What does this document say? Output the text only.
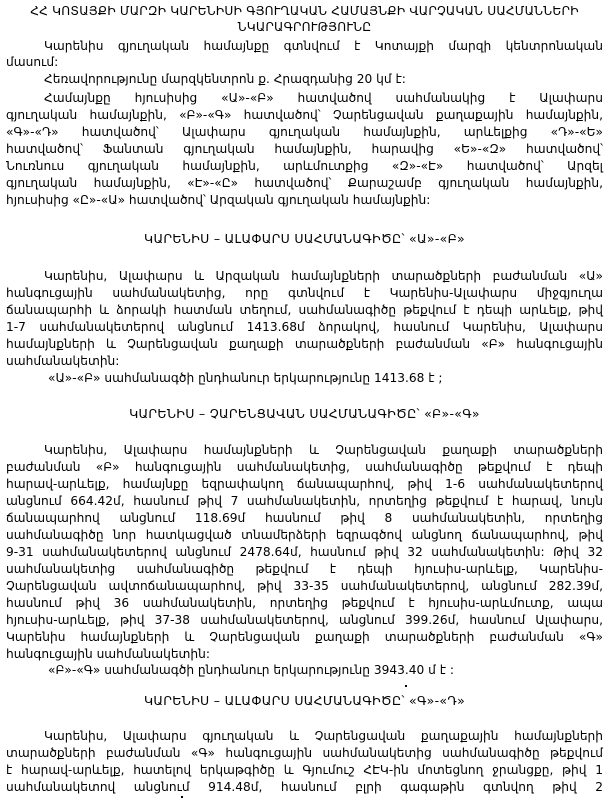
ՀՀ ԿՈՏԱՅՔԻ ՄԱՐԶԻ ԿԱՐԵՆԻՍԻ ԳՅՈՒՂԱԿԱՆ ՀԱՄԱՅՆՔԻ ՎԱՐՉԱԿԱՆ ՍԱՀՄԱՆՆԵՐԻ
ՆԿԱՐԱԳՐՈՒԹՅՈՒՆԸ
Կարենիս գյուղական համայնքը գտնվում է Կոտայքի մարզի կենտրոնական
մասում:
Հեռավորությունը մարզկենտրոն ք. Հրազդանից 20 կմ է:
Համայնքը հյուսիսից «Ա»-«Բ» հատվածով սահմանակից է Ալափարս
գյուղական համայնքին, «Բ»-«Գ» հատվածով՝ Չարենցավան քաղաքային համայնքին,
«Գ»-«Դ» հատվածով՝ Ալափարս գյուղական համայնքին, արևելքից «Դ»-«Ե»
հատվածով՝ Ֆանտան գյուղական համայնքին, հարավից «Ե»-«Զ» հատվածով՝
Նուռնուս գյուղական համայնքին, արևմուտքից «Զ»-«Է» հատվածով՝ Արզել
գյուղական համայնքին, «Է»-«Ը» հատվածով՝ Քարաշամբ գյուղական համայնքին,
հյուսիսից «Ը»-«Ա» հատվածով՝ Արզական գյուղական համայնքին:
ԿԱՐԵՆԻՍ – ԱԼԱՓԱՐՍ ՍԱՀՄԱՆԱԳԻԾԸ՝ «Ա»-«Բ»
Կարենիս, Ալափարս և Արզական համայնքների տարածքների բաժանման «Ա»
հանգուցային սահմանակետից, որը գտնվում է Կարենիս-Ալափարս միջգյուղա
ճանապարհի և ձորակի հատման տեղում, սահմանագիծը թեքվում է դեպի արևելք, թիվ
1-7 սահմանակետերով անցնում 1413.68մ ձորակով, հասնում Կարենիս, Ալափարս
համայնքների և Չարենցավան քաղաքի տարածքների բաժանման «Բ» հանգուցային
սահմանակետին:
«Ա»-«Բ» սահմանագծի ընդհանուր երկարությունը 1413.68 է ;
ԿԱՐԵՆԻՍ – ՉԱՐԵՆՑԱՎԱՆ ՍԱՀՄԱՆԱԳԻԾԸ՝ «Բ»-«Գ»
Կարենիս, Ալափարս համայնքների և Չարենցավան քաղաքի տարածքների
բաժանման «Բ» հանգուցային սահմանակետից, սահմանագիծը թեքվում է դեպի
հարավ-արևելք, համայնքը եզրափակող ճանապարհով, թիվ 1-6 սահմանակետերով
անցնում 664.42մ, հասնում թիվ 7 սահմանակետին, որտեղից թեքվում է հարավ, նույն
ճանապարհով անցնում 118.69մ հասնում թիվ 8 սահմանակետին, որտեղից
սահմանագիծը նոր հատկացված տնամերձերի եզրագծով անցնող ճանապարհով, թիվ
9-31 սահմանակետերով անցնում 2478.64մ, հասնում թիվ 32 սահմանակետին: Թիվ 32
սահմանակետից սահմանագիծը թեքվում է դեպի հյուսիս-արևելք, Կարենիս-
Չարենցավան ավտոճանապարհով, թիվ 33-35 սահմանակետերով, անցնում 282.39մ,
հասնում թիվ 36 սահմանակետին, որտեղից թեքվում է հյուսիս-արևմուտք, ապա
հյուսիս-արևելք, թիվ 37-38 սահմանակետերով, անցնում 399.26մ, հասնում Ալափարս,
Կարենիս համայնքների և Չարենցավան քաղաքի տարածքների բաժանման «Գ»
հանգուցային սահմանակետին:
«Բ»-«Գ» սահմանագծի ընդհանուր երկարությունը 3943.40 մ է :
ԿԱՐԵՆԻՍ – ԱԼԱՓԱՐՍ ՍԱՀՄԱՆԱԳԻԾԸ՝ «Գ»-«Դ»
Կարենիս, Ալափարս գյուղական և Չարենցավան քաղաքային համայնքների
տարածքների բաժանման «Գ» հանգուցային սահմանակետից սահմանագիծը թեքվում
է հարավ-արևելք, հատելով երկաթգիծը և Գյումուշ ՀԷԿ-ին մոտեցնող ջրանցքը, թիվ 1
սահմանակետով անցնում 914.48մ, հասնում բլրի գագաթին գտնվող թիվ 2
